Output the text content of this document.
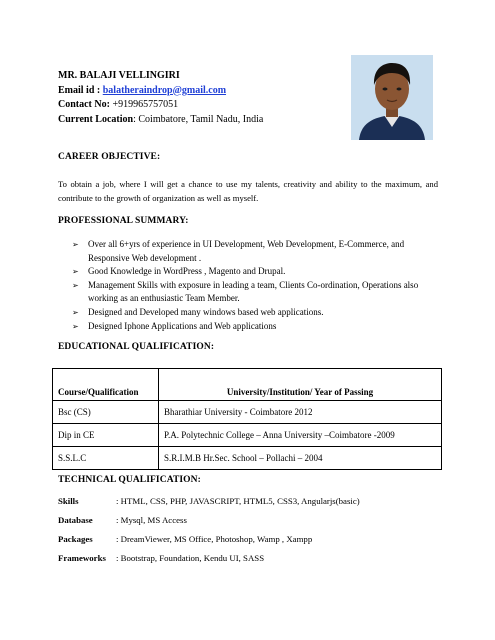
MR. BALAJI VELLINGIRI
Email id : balatheraindrop@gmail.com
Contact No: +919965757051
Current Location: Coimbatore, Tamil Nadu, India
CAREER OBJECTIVE:
To obtain a job, where I will get a chance to use my talents, creativity and ability to the maximum, and contribute to the growth of organization as well as myself.
PROFESSIONAL SUMMARY:
➢ Over all 6+yrs of experience in UI Development, Web Development, E-Commerce, and Responsive Web development .
➢ Good Knowledge in WordPress , Magento and Drupal.
➢ Management Skills with exposure in leading a team, Clients Co-ordination, Operations also working as an enthusiastic Team Member.
➢ Designed and Developed many windows based web applications.
➢ Designed Iphone Applications and Web applications
EDUCATIONAL QUALIFICATION:
Course/Qualification	University/Institution/ Year of Passing
Bsc (CS)	Bharathiar University - Coimbatore 2012
Dip in CE	P.A. Polytechnic College – Anna University –Coimbatore -2009
S.S.L.C	S.R.I.M.B Hr.Sec. School – Pollachi – 2004
TECHNICAL QUALIFICATION:
Skills	: HTML, CSS, PHP, JAVASCRIPT, HTML5, CSS3, Angularjs(basic)
Database	: Mysql, MS Access
Packages	: DreamViewer, MS Office, Photoshop, Wamp , Xampp
Frameworks : Bootstrap, Foundation, Kendu UI, SASS
